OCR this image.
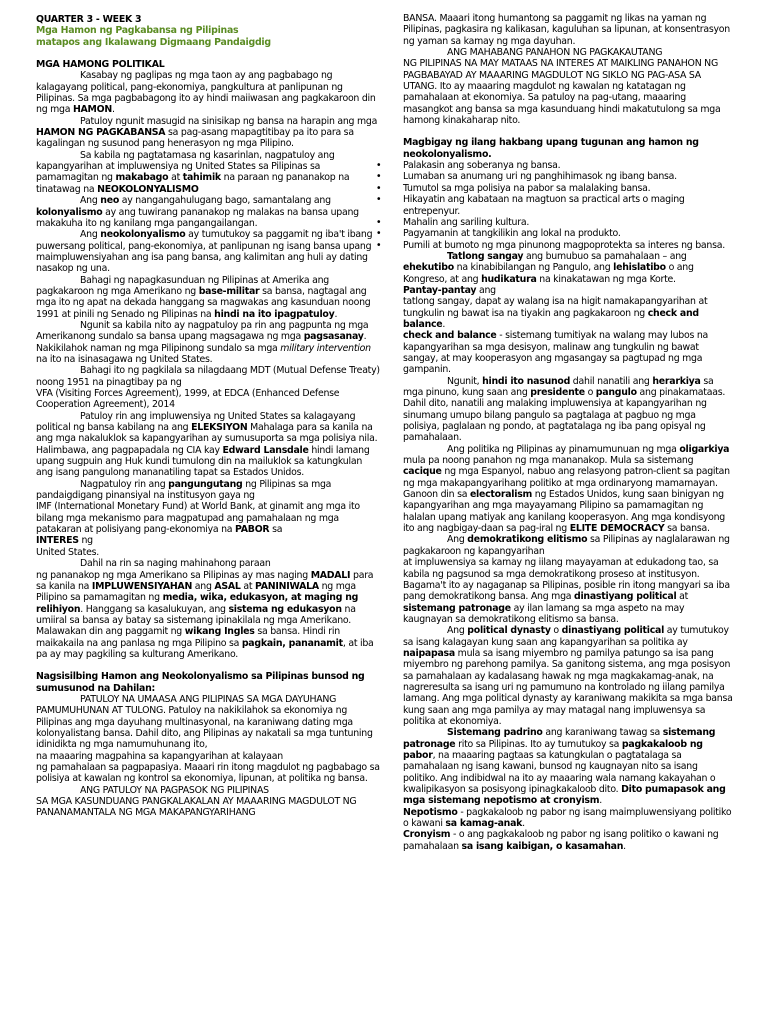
QUARTER 3 - WEEK 3
Mga Hamon ng Pagkabansa ng Pilipinas
matapos ang Ikalawang Digmaang Pandaigdig
MGA HAMONG POLITIKAL
Kasabay ng paglipas ng mga taon ay ang pagbabago ng kalagayang political, pang-ekonomiya, pangkultura at panlipunan ng Pilipinas. Sa mga pagbabagong ito ay hindi maiiwasan ang pagkakaroon din ng mga HAMON.
Patuloy ngunit masugid na sinisikap ng bansa na harapin ang mga HAMON NG PAGKABANSA sa pag-asang mapagtitibay pa ito para sa kagalingan ng susunod pang henerasyon ng mga Pilipino.
Sa kabila ng pagtatamasa ng kasarinlan, nagpatuloy ang kapangyarihan at impluwensiya ng United States sa Pilipinas sa pamamagitan ng makabago at tahimik na paraan ng pananakop na tinatawag na NEOKOLONYALISMO
Ang neo ay nangangahulugang bago, samantalang ang kolonyalismo ay ang tuwirang pananakop ng malakas na bansa upang makakuha ito ng kanilang mga pangangailangan.
Ang neokolonyalismo ay tumutukoy sa paggamit ng iba't ibang puwersang political, pang-ekonomiya, at panlipunan ng isang bansa upang maimpluwensiyahan ang isa pang bansa, ang kalimitan ang huli ay dating nasakop ng una.
Bahagi ng napagkasunduan ng Pilipinas at Amerika ang pagkakaroon ng mga Amerikano ng base-militar sa bansa, nagtagal ang mga ito ng apat na dekada hanggang sa magwakas ang kasunduan noong 1991 at pinili ng Senado ng Pilipinas na hindi na ito ipagpatuloy.
Ngunit sa kabila nito ay nagpatuloy pa rin ang pagpunta ng mga Amerikanong sundalo sa bansa upang magsagawa ng mga pagsasanay. Nakikilahok naman ng mga Pilipinong sundalo sa mga military intervention na ito na isinasagawa ng United States.
Bahagi ito ng pagkilala sa nilagdaang MDT (Mutual Defense Treaty) noong 1951 na pinagtibay pa ng
VFA (Visiting Forces Agreement), 1999, at EDCA (Enhanced Defense Cooperation Agreement), 2014
Patuloy rin ang impluwensiya ng United States sa kalagayang political ng bansa kabilang na ang ELEKSIYON Mahalaga para sa kanila na ang mga nakaluklok sa kapangyarihan ay sumusuporta sa mga polisiya nila. Halimbawa, ang pagpapadala ng CIA kay Edward Lansdale hindi lamang upang sugpuin ang Huk kundi tumulong din na mailuklok sa katungkulan ang isang pangulong mananatiling tapat sa Estados Unidos.
Nagpatuloy rin ang pangungutang ng Pilipinas sa mga pandaigdigang pinansiyal na institusyon gaya ng
IMF (International Monetary Fund) at World Bank, at ginamit ang mga ito bilang mga mekanismo para magpatupad ang pamahalaan ng mga patakaran at polisiyang pang-ekonomiya na PABOR sa
INTERES ng
United States.
Dahil na rin sa naging mahinahong paraan
ng pananakop ng mga Amerikano sa Pilipinas ay mas naging MADALI para sa kanila na IMPLUWENSIYAHAN ang ASAL at PANINIWALA ng mga Pilipino sa pamamagitan ng media, wika, edukasyon, at maging ng relihiyon. Hanggang sa kasalukuyan, ang sistema ng edukasyon na umiiral sa bansa ay batay sa sistemang ipinakilala ng mga Amerikano. Malawakan din ang paggamit ng wikang Ingles sa bansa. Hindi rin maikakaila na ang panlasa ng mga Pilipino sa pagkain, pananamit, at iba pa ay may pagkiling sa kulturang Amerikano.
Nagsisilbing Hamon ang Neokolonyalismo sa Pilipinas bunsod ng sumusunod na Dahilan:
PATULOY NA UMAASA ANG PILIPINAS SA MGA DAYUHANG PAMUMUHUNAN AT TULONG. Patuloy na nakikilahok sa ekonomiya ng Pilipinas ang mga dayuhang multinasyonal, na karaniwang dating mga kolonyalistang bansa. Dahil dito, ang Pilipinas ay nakatali sa mga tuntuning idinidikta ng mga namumuhunang ito,
na maaaring magpahina sa kapangyarihan at kalayaan
ng pamahalaan sa pagpapasiya. Maaari rin itong magdulot ng pagbabago sa polisiya at kawalan ng kontrol sa ekonomiya, lipunan, at politika ng bansa.
ANG PATULOY NA PAGPASOK NG PILIPINAS
SA MGA KASUNDUANG PANGKALAKALAN AY MAAARING MAGDULOT NG PANANAMANTALA NG MGA MAKAPANGYARIHANG
BANSA. Maaari itong humantong sa paggamit ng likas na yaman ng Pilipinas, pagkasira ng kalikasan, kaguluhan sa lipunan, at konsentrasyon ng yaman sa kamay ng mga dayuhan.
ANG MAHABANG PANAHON NG PAGKAKAUTANG
NG PILIPINAS NA MAY MATAAS NA INTERES AT MAIKLING PANAHON NG PAGBABAYAD AY MAAARING MAGDULOT NG SIKLO NG PAG-ASA SA UTANG. Ito ay maaaring magdulot ng kawalan ng katatagan ng pamahalaan at ekonomiya. Sa patuloy na pag-utang, maaaring masangkot ang bansa sa mga kasunduang hindi makatutulong sa mga hamong kinakaharap nito.
Magbigay ng ilang hakbang upang tugunan ang hamon ng neokolonyalismo.
• Palakasin ang soberanya ng bansa.
• Lumaban sa anumang uri ng panghihimasok ng ibang bansa.
• Tumutol sa mga polisiya na pabor sa malalaking bansa.
• Hikayatin ang kabataan na magtuon sa practical arts o maging entrepenyur.
• Mahalin ang sariling kultura.
• Pagyamanin at tangkilikin ang lokal na produkto.
• Pumili at bumoto ng mga pinunong magpoprotekta sa interes ng bansa.
Tatlong sangay ang bumubuo sa pamahalaan – ang ehekutibo na kinabibilangan ng Pangulo, ang lehislatibo o ang Kongreso, at ang hudikatura na kinakatawan ng mga Korte.
Pantay-pantay ang
tatlong sangay, dapat ay walang isa na higit namakapangyarihan at tungkulin ng bawat isa na tiyakin ang pagkakaroon ng check and balance.
check and balance - sistemang tumitiyak na walang may lubos na kapangyarihan sa mga desisyon, malinaw ang tungkulin ng bawat sangay, at may kooperasyon ang mgasangay sa pagtupad ng mga gampanin.
Ngunit, hindi ito nasunod dahil nanatili ang herarkiya sa mga pinuno, kung saan ang presidente o pangulo ang pinakamataas. Dahil dito, nanatili ang malaking impluwensiya at kapangyarihan ng sinumang umupo bilang pangulo sa pagtalaga at pagbuo ng mga polisiya, paglalaan ng pondo, at pagtatalaga ng iba pang opisyal ng pamahalaan.
Ang politika ng Pilipinas ay pinamumunuan ng mga oligarkiya mula pa noong panahon ng mga mananakop. Mula sa sistemang cacique ng mga Espanyol, nabuo ang relasyong patron-client sa pagitan ng mga makapangyarihang politiko at mga ordinaryong mamamayan. Ganoon din sa electoralism ng Estados Unidos, kung saan binigyan ng kapangyarihan ang mga mayayamang Pilipino sa pamamagitan ng halalan upang matiyak ang kanilang kooperasyon. Ang mga kondisyong ito ang nagbigay-daan sa pag-iral ng ELITE DEMOCRACY sa bansa.
Ang demokratikong elitismo sa Pilipinas ay naglalarawan ng pagkakaroon ng kapangyarihan
at impluwensiya sa kamay ng iilang mayayaman at edukadong tao, sa kabila ng pagsunod sa mga demokratikong proseso at institusyon. Bagama't ito ay nagaganap sa Pilipinas, posible rin itong mangyari sa iba pang demokratikong bansa. Ang mga dinastiyang political at sistemang patronage ay ilan lamang sa mga aspeto na may kaugnayan sa demokratikong elitismo sa bansa.
Ang political dynasty o dinastiyang political ay tumutukoy sa isang kalagayan kung saan ang kapangyarihan sa politika ay naipapasa mula sa isang miyembro ng pamilya patungo sa isa pang miyembro ng parehong pamilya. Sa ganitong sistema, ang mga posisyon sa pamahalaan ay kadalasang hawak ng mga magkakamag-anak, na nagreresulta sa isang uri ng pamumuno na kontrolado ng iilang pamilya lamang. Ang mga political dynasty ay karaniwang makikita sa mga bansa kung saan ang mga pamilya ay may matagal nang impluwensya sa politika at ekonomiya.
Sistemang padrino ang karaniwang tawag sa sistemang patronage rito sa Pilipinas. Ito ay tumutukoy sa pagkakaloob ng pabor, na maaaring pagtaas sa katungkulan o pagtatalaga sa pamahalaan ng isang kawani, bunsod ng kaugnayan nito sa isang politiko. Ang indibidwal na ito ay maaaring wala namang kakayahan o kwalipikasyon sa posisyong ipinagkakaloob dito. Dito pumapasok ang mga sistemang nepotismo at cronyism.
Nepotismo - pagkakaloob ng pabor ng isang maimpluwensiyang politiko o kawani sa kamag-anak.
Cronyism - o ang pagkakaloob ng pabor ng isang politiko o kawani ng pamahalaan sa isang kaibigan, o kasamahan.
